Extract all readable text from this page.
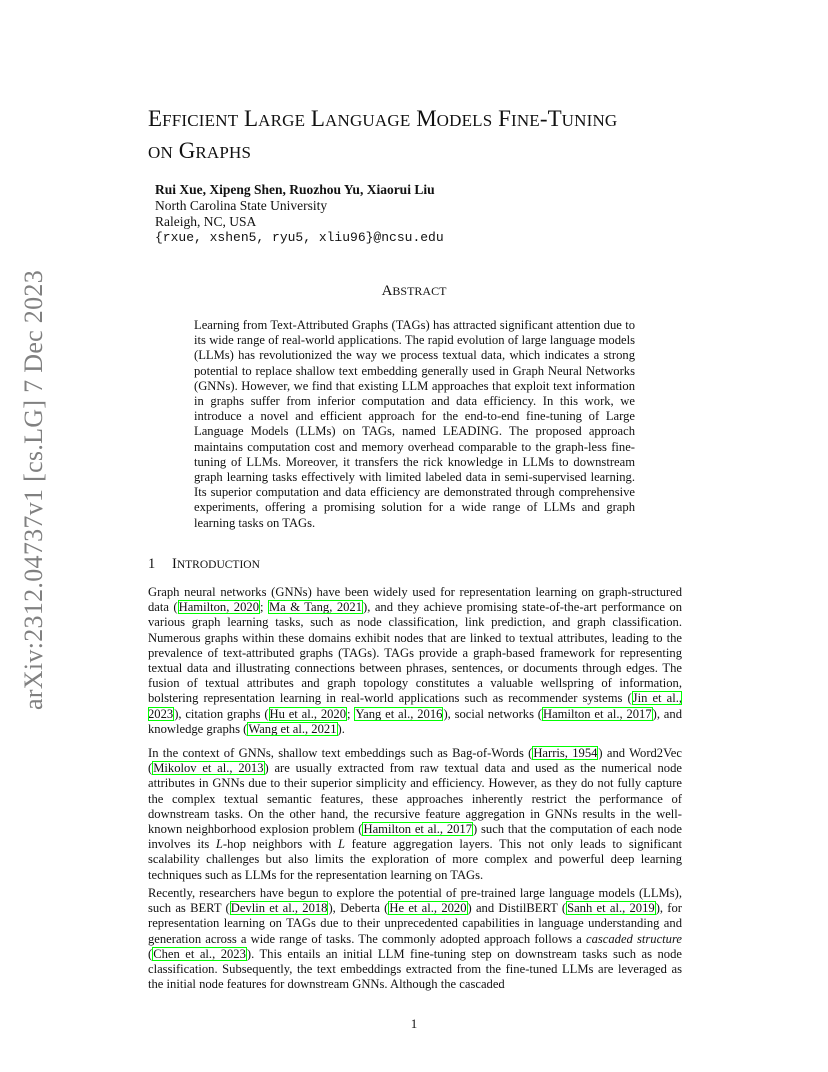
arXiv:2312.04737v1 [cs.LG] 7 Dec 2023
EFFICIENT LARGE LANGUAGE MODELS FINE-TUNING
ON GRAPHS
Rui Xue, Xipeng Shen, Ruozhou Yu, Xiaorui Liu
North Carolina State University
Raleigh, NC, USA
{rxue, xshen5, ryu5, xliu96}@ncsu.edu
ABSTRACT

Learning from Text-Attributed Graphs (TAGs) has attracted significant attention due to its wide range of real-world applications. The rapid evolution of large language models (LLMs) has revolutionized the way we process textual data, which indicates a strong potential to replace shallow text embedding generally used in Graph Neural Networks (GNNs). However, we find that existing LLM approaches that exploit text information in graphs suffer from inferior computation and data efficiency. In this work, we introduce a novel and efficient approach for the end-to-end fine-tuning of Large Language Models (LLMs) on TAGs, named LEADING. The proposed approach maintains computation cost and memory overhead comparable to the graph-less fine-tuning of LLMs. Moreover, it transfers the rick knowledge in LLMs to downstream graph learning tasks effectively with limited labeled data in semi-supervised learning. Its superior computation and data efficiency are demonstrated through comprehensive experiments, offering a promising solution for a wide range of LLMs and graph learning tasks on TAGs.

1 INTRODUCTION

Graph neural networks (GNNs) have been widely used for representation learning on graph-structured data (Hamilton, 2020; Ma & Tang, 2021), and they achieve promising state-of-the-art performance on various graph learning tasks, such as node classification, link prediction, and graph classification. Numerous graphs within these domains exhibit nodes that are linked to textual attributes, leading to the prevalence of text-attributed graphs (TAGs). TAGs provide a graph-based framework for representing textual data and illustrating connections between phrases, sentences, or documents through edges. The fusion of textual attributes and graph topology constitutes a valuable wellspring of information, bolstering representation learning in real-world applications such as recommender systems (Jin et al., 2023), citation graphs (Hu et al., 2020; Yang et al., 2016), social networks (Hamilton et al., 2017), and knowledge graphs (Wang et al., 2021).

In the context of GNNs, shallow text embeddings such as Bag-of-Words (Harris, 1954) and Word2Vec (Mikolov et al., 2013) are usually extracted from raw textual data and used as the numerical node attributes in GNNs due to their superior simplicity and efficiency. However, as they do not fully capture the complex textual semantic features, these approaches inherently restrict the performance of downstream tasks. On the other hand, the recursive feature aggregation in GNNs results in the well-known neighborhood explosion problem (Hamilton et al., 2017) such that the computation of each node involves its L-hop neighbors with L feature aggregation layers. This not only leads to significant scalability challenges but also limits the exploration of more complex and powerful deep learning techniques such as LLMs for the representation learning on TAGs.

Recently, researchers have begun to explore the potential of pre-trained large language models (LLMs), such as BERT (Devlin et al., 2018), Deberta (He et al., 2020) and DistilBERT (Sanh et al., 2019), for representation learning on TAGs due to their unprecedented capabilities in language understanding and generation across a wide range of tasks. The commonly adopted approach follows a cascaded structure (Chen et al., 2023). This entails an initial LLM fine-tuning step on downstream tasks such as node classification. Subsequently, the text embeddings extracted from the fine-tuned LLMs are leveraged as the initial node features for downstream GNNs. Although the cascaded

1
